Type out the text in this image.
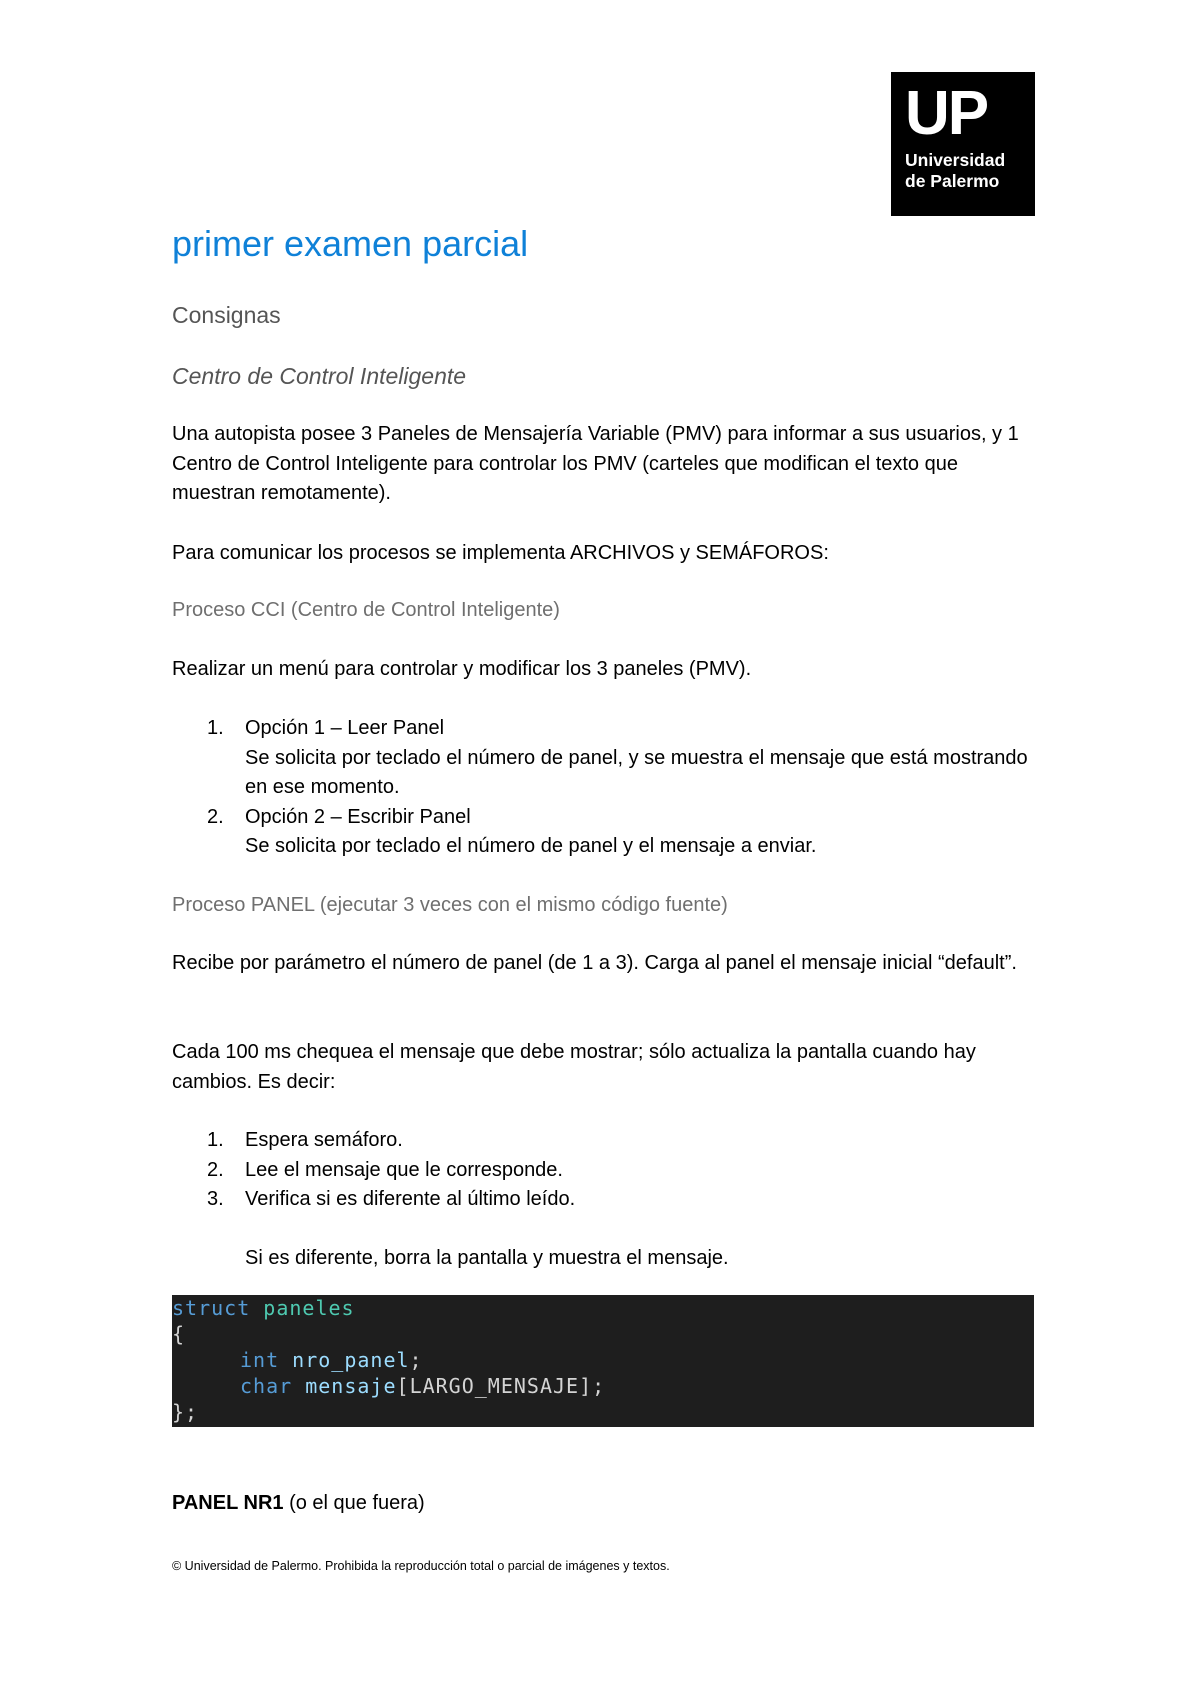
UP
Universidad
de Palermo
primer examen parcial
Consignas
Centro de Control Inteligente

Una autopista posee 3 Paneles de Mensajería Variable (PMV) para informar a sus usuarios, y 1 Centro de Control Inteligente para controlar los PMV (carteles que modifican el texto que muestran remotamente).

Para comunicar los procesos se implementa ARCHIVOS y SEMÁFOROS:

Proceso CCI (Centro de Control Inteligente)

Realizar un menú para controlar y modificar los 3 paneles (PMV).

1. Opción 1 – Leer Panel
Se solicita por teclado el número de panel, y se muestra el mensaje que está mostrando en ese momento.
2. Opción 2 – Escribir Panel
Se solicita por teclado el número de panel y el mensaje a enviar.
Proceso PANEL (ejecutar 3 veces con el mismo código fuente)

Recibe por parámetro el número de panel (de 1 a 3). Carga al panel el mensaje inicial “default”.

Cada 100 ms chequea el mensaje que debe mostrar; sólo actualiza la pantalla cuando hay cambios. Es decir:

1. Espera semáforo.
2. Lee el mensaje que le corresponde.
3. Verifica si es diferente al último leído.

Si es diferente, borra la pantalla y muestra el mensaje.

struct paneles

{

int nro_panel;

char mensaje[LARGO_MENSAJE];

};

PANEL NR1 (o el que fuera)

© Universidad de Palermo. Prohibida la reproducción total o parcial de imágenes y textos.
